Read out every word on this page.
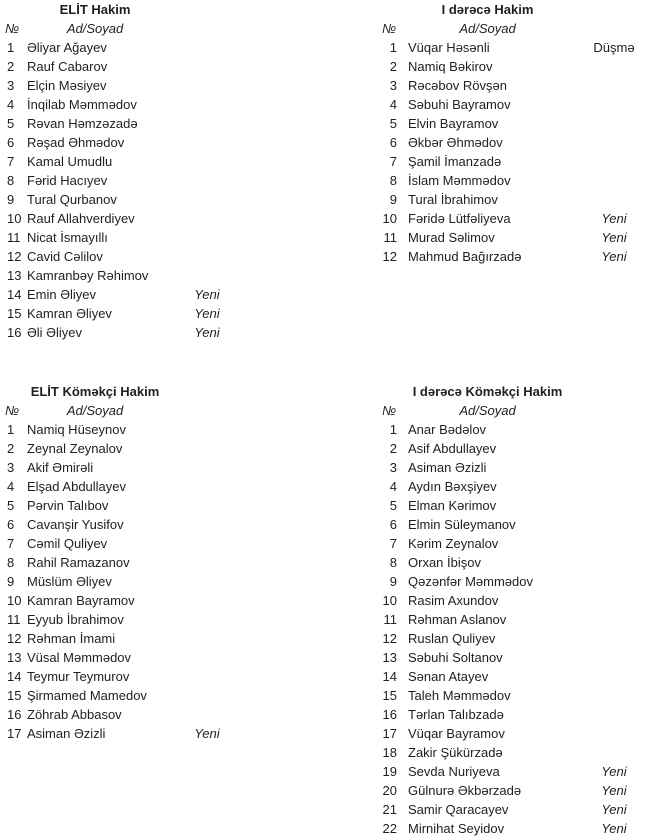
ELİT Hakim
№	Ad/Soyad
1 Əliyar Ağayev
2 Rauf Cabarov
3 Elçin Məsiyev
4 İnqilab Məmmədov
5 Rəvan Həmzəzadə
6 Rəşad Əhmədov
7 Kamal Umudlu
8 Fərid Hacıyev
9 Tural Qurbanov
10 Rauf Allahverdiyev
11 Nicat İsmayıllı
12 Cavid Cəlilov
13 Kamranbəy Rəhimov
14 Emin Əliyev	Yeni
15 Kamran Əliyev	Yeni
16 Əli Əliyev	Yeni
I dərəcə Hakim
№	Ad/Soyad
1 Vüqar Həsənli	Düşmə
2 Namiq Bəkirov
3 Rəcəbov Rövşən
4 Səbuhi Bayramov
5 Elvin Bayramov
6 Əkbər Əhmədov
7 Şamil İmanzadə
8 İslam Məmmədov
9 Tural İbrahimov
10 Fəridə Lütfəliyeva	Yeni
11 Murad Səlimov	Yeni
12 Mahmud Bağırzadə	Yeni
ELİT Köməkçi Hakim
№	Ad/Soyad
1 Namiq Hüseynov
2 Zeynal Zeynalov
3 Akif Əmirəli
4 Elşad Abdullayev
5 Pərvin Talıbov
6 Cavanşir Yusifov
7 Cəmil Quliyev
8 Rahil Ramazanov
9 Müslüm Əliyev
10 Kamran Bayramov
11 Eyyub İbrahimov
12 Rəhman İmami
13 Vüsal Məmmədov
14 Teymur Teymurov
15 Şirmamed Mamedov
16 Zöhrab Abbasov
17 Asiman Əzizli	Yeni
I dərəcə Köməkçi Hakim
№	Ad/Soyad
1 Anar Bədəlov
2 Asif Abdullayev
3 Asiman Əzizli
4 Aydın Bəxşiyev
5 Elman Kərimov
6 Elmin Süleymanov
7 Kərim Zeynalov
8 Orxan İbişov
9 Qəzənfər Məmmədov
10 Rasim Axundov
11 Rəhman Aslanov
12 Ruslan Quliyev
13 Səbuhi Soltanov
14 Sənan Atayev
15 Taleh Məmmədov
16 Tərlan Talıbzadə
17 Vüqar Bayramov
18 Zakir Şükürzadə
19 Sevda Nuriyeva	Yeni
20 Gülnurə Əkbərzadə	Yeni
21 Samir Qaracayev	Yeni
22 Mirnihat Seyidov	Yeni
